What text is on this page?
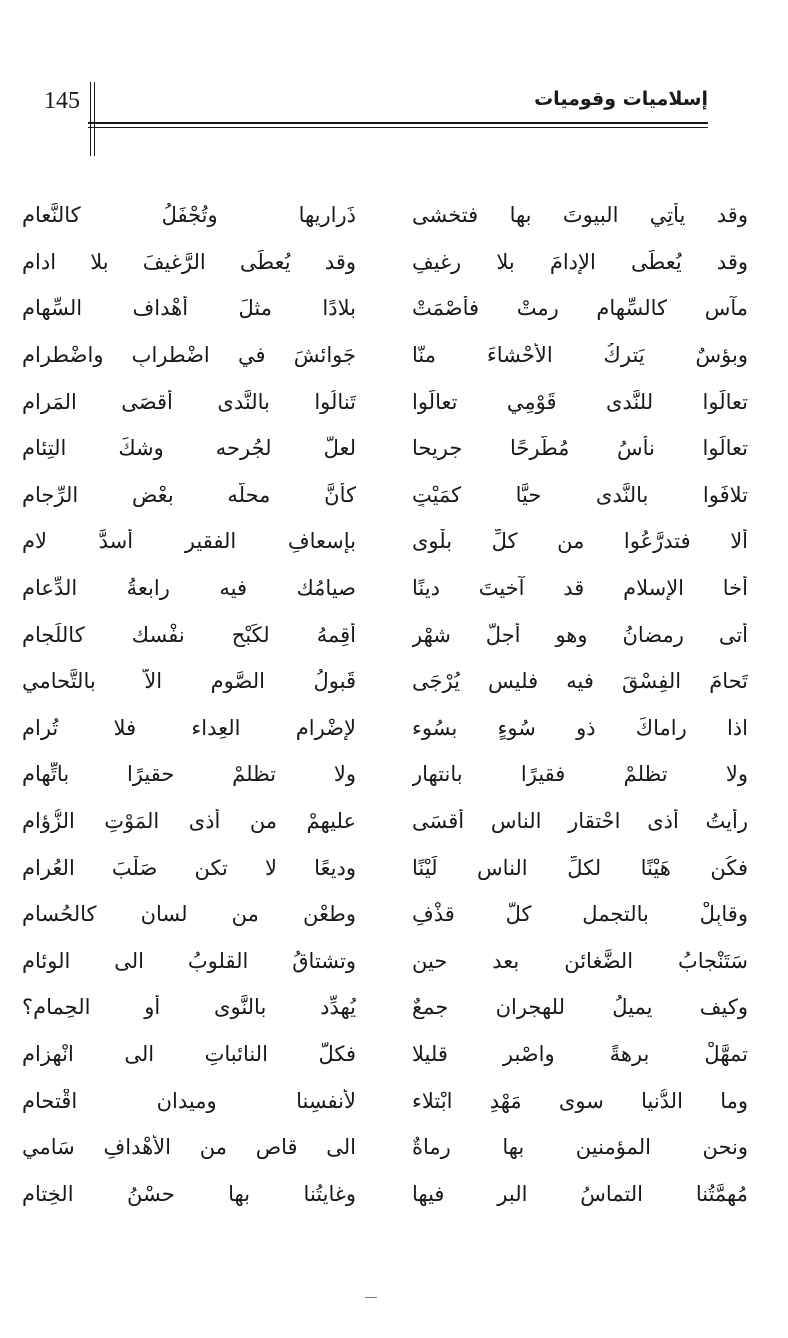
145	إسلاميات وقوميات
وقد يأتِي البيوتَ بها فتخشى
ذَرارِيها وتُجْفَلُ كالنَّعام
وقد يُعطَى الإدامَ بلا رغيفٍ
وقد يُعطَى الرَّغيفَ بلا ادام
مآسٍ كالسِّهام رمتْ فأصْمَتْ
بلادًا مثلَ أهْداف السِّهام
وبؤسٌ يَتركُ الأحْشاءَ منّا
جَوائشَ في اضْطرابٍ واضْطرام
تعالَوا للنَّدى قَوْمِي تعالَوا
تَنالُوا بالنَّدى أقصَى المَرام
تعالَوا نأسُ مُطَّرحًا جريحا
لعلَّ لجُرحه وشكَ التِئام
تلافَوا بالنَّدى حيًّا كمَيْتٍ
كأنَّ محلَّه بعْض الرِّجام
ألا فتدرَّعُوا من كلِّ بلْوى
بإسعافِ الفقيرِ أسدَّ لام
أخا الإسلام قد آخيتَ دينًا
صيامُك فيه رابعةُ الدِّعام
أتى رمضانُ وهو أجلُّ شهْر
أقِمهُ لكَبْحِ نفْسك كاللِّجام
تَحامَ الفِسْقَ فيه فليس يُرْجَى
قَبولُ الصَّوم الاَّ بالتَّحامي
اذا راماكَ ذو سُوءٍ بسُوء
لإضْرام العِداء فلا تُرام
ولا تظلمْ فقيرًا بانتهارٍ
ولا تظلمْ حقيرًا باتِّهام
رأيتُ أذى احْتقارِ الناس أقسَى
عليهمْ من أذى المَوْتِ الزُّؤام
فكُن هَيْنًا لكلِّ الناس لَيْنًا
وديعًا لا تكن صَلْبَ العُرام
وقابِلْ بالتجمل كلَّ قذْفٍ
وطعْنٍ من لسانٍ كالحُسام
سَتَنْجابُ الضَّغائن بعد حين
وتشتاقُ القلوبُ الى الوِئام
وكيف يميلُ للهجران جمعٌ
يُهدِّد بالنَّوى أو الحِمام؟
تمهَّلْ برهةً واصْبر قليلا
فكلُّ النائباتِ الى انْهزام
وما الدُّنيا سوى مَهْدِ ابْتلاء
لأنفسِنا وميدانِ اقْتحام
ونحن المؤمنين بها رماةٌ
الى قاصٍ من الأهْدافِ سَامي
مُهمَّتُنا التماسُ البرِ فيها
وغايتُنا بها حسْنُ الخِتام
